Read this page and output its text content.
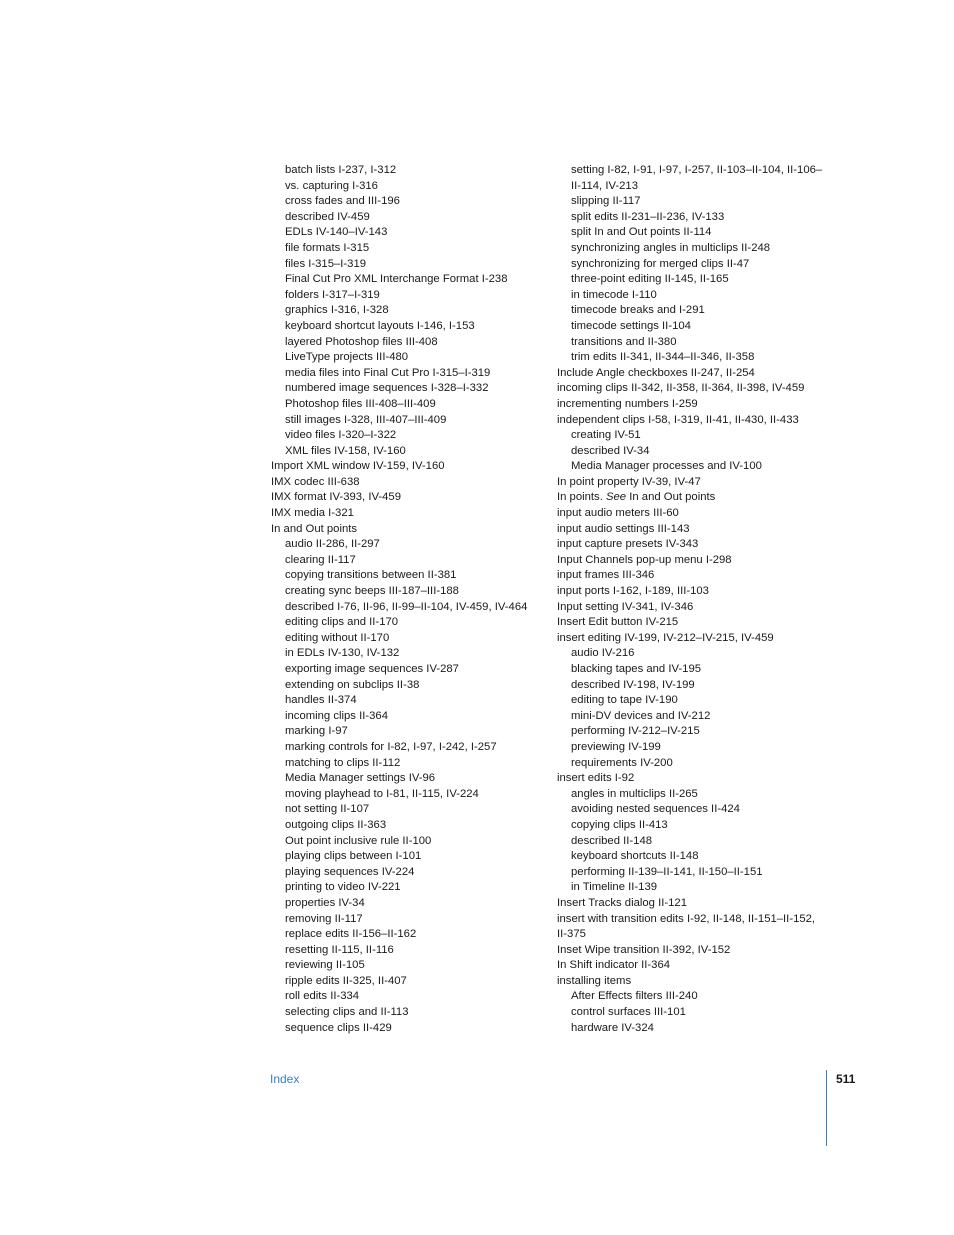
batch lists I-237, I-312
vs. capturing I-316
cross fades and III-196
described IV-459
EDLs IV-140–IV-143
file formats I-315
files I-315–I-319
Final Cut Pro XML Interchange Format I-238
folders I-317–I-319
graphics I-316, I-328
keyboard shortcut layouts I-146, I-153
layered Photoshop files III-408
LiveType projects III-480
media files into Final Cut Pro I-315–I-319
numbered image sequences I-328–I-332
Photoshop files III-408–III-409
still images I-328, III-407–III-409
video files I-320–I-322
XML files IV-158, IV-160
Import XML window IV-159, IV-160
IMX codec III-638
IMX format IV-393, IV-459
IMX media I-321
In and Out points
audio II-286, II-297
clearing II-117
copying transitions between II-381
creating sync beeps III-187–III-188
described I-76, II-96, II-99–II-104, IV-459, IV-464
editing clips and II-170
editing without II-170
in EDLs IV-130, IV-132
exporting image sequences IV-287
extending on subclips II-38
handles II-374
incoming clips II-364
marking I-97
marking controls for I-82, I-97, I-242, I-257
matching to clips II-112
Media Manager settings IV-96
moving playhead to I-81, II-115, IV-224
not setting II-107
outgoing clips II-363
Out point inclusive rule II-100
playing clips between I-101
playing sequences IV-224
printing to video IV-221
properties IV-34
removing II-117
replace edits II-156–II-162
resetting II-115, II-116
reviewing II-105
ripple edits II-325, II-407
roll edits II-334
selecting clips and II-113
sequence clips II-429
setting I-82, I-91, I-97, I-257, II-103–II-104, II-106–
II-114, IV-213
slipping II-117
split edits II-231–II-236, IV-133
split In and Out points II-114
synchronizing angles in multiclips II-248
synchronizing for merged clips II-47
three-point editing II-145, II-165
in timecode I-110
timecode breaks and I-291
timecode settings II-104
transitions and II-380
trim edits II-341, II-344–II-346, II-358
Include Angle checkboxes II-247, II-254
incoming clips II-342, II-358, II-364, II-398, IV-459
incrementing numbers I-259
independent clips I-58, I-319, II-41, II-430, II-433
creating IV-51
described IV-34
Media Manager processes and IV-100
In point property IV-39, IV-47
In points. See In and Out points
input audio meters III-60
input audio settings III-143
input capture presets IV-343
Input Channels pop-up menu I-298
input frames III-346
input ports I-162, I-189, III-103
Input setting IV-341, IV-346
Insert Edit button IV-215
insert editing IV-199, IV-212–IV-215, IV-459
audio IV-216
blacking tapes and IV-195
described IV-198, IV-199
editing to tape IV-190
mini-DV devices and IV-212
performing IV-212–IV-215
previewing IV-199
requirements IV-200
insert edits I-92
angles in multiclips II-265
avoiding nested sequences II-424
copying clips II-413
described II-148
keyboard shortcuts II-148
performing II-139–II-141, II-150–II-151
in Timeline II-139
Insert Tracks dialog II-121
insert with transition edits I-92, II-148, II-151–II-152,
II-375
Inset Wipe transition II-392, IV-152
In Shift indicator II-364
installing items
After Effects filters III-240
control surfaces III-101
hardware IV-324
Index	511
